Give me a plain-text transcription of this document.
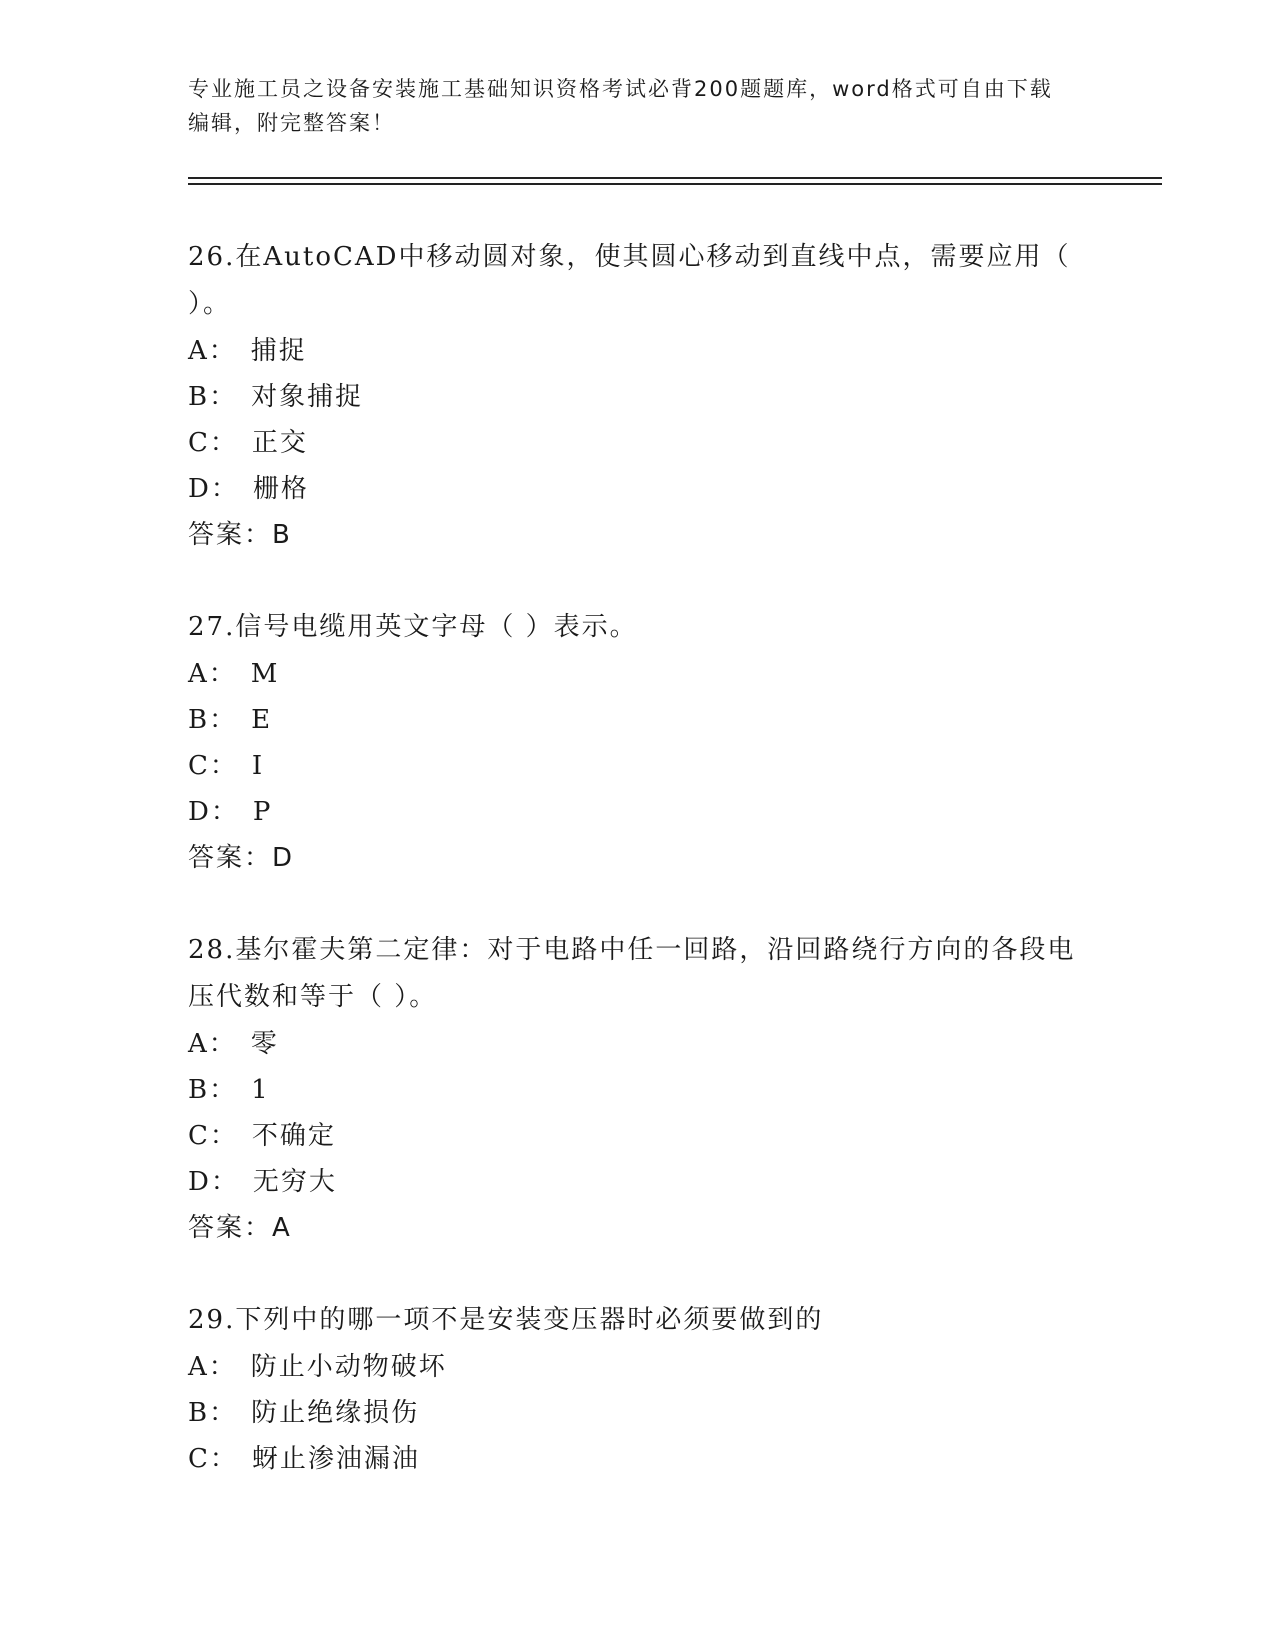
专业施工员之设备安装施工基础知识资格考试必背200题题库，word格式可自由下载编辑，附完整答案！
26.在AutoCAD中移动圆对象，使其圆心移动到直线中点，需要应用（ ）。
A： 捕捉
B： 对象捕捉
C： 正交
D： 栅格
答案：B
27.信号电缆用英文字母（ ）表示。
A： M
B： E
C： I
D： P
答案：D
28.基尔霍夫第二定律：对于电路中任一回路，沿回路绕行方向的各段电压代数和等于（ ）。
A： 零
B： 1
C： 不确定
D： 无穷大
答案：A
29.下列中的哪一项不是安装变压器时必须要做到的
A： 防止小动物破坏
B： 防止绝缘损伤
C： 蚜止渗油漏油
